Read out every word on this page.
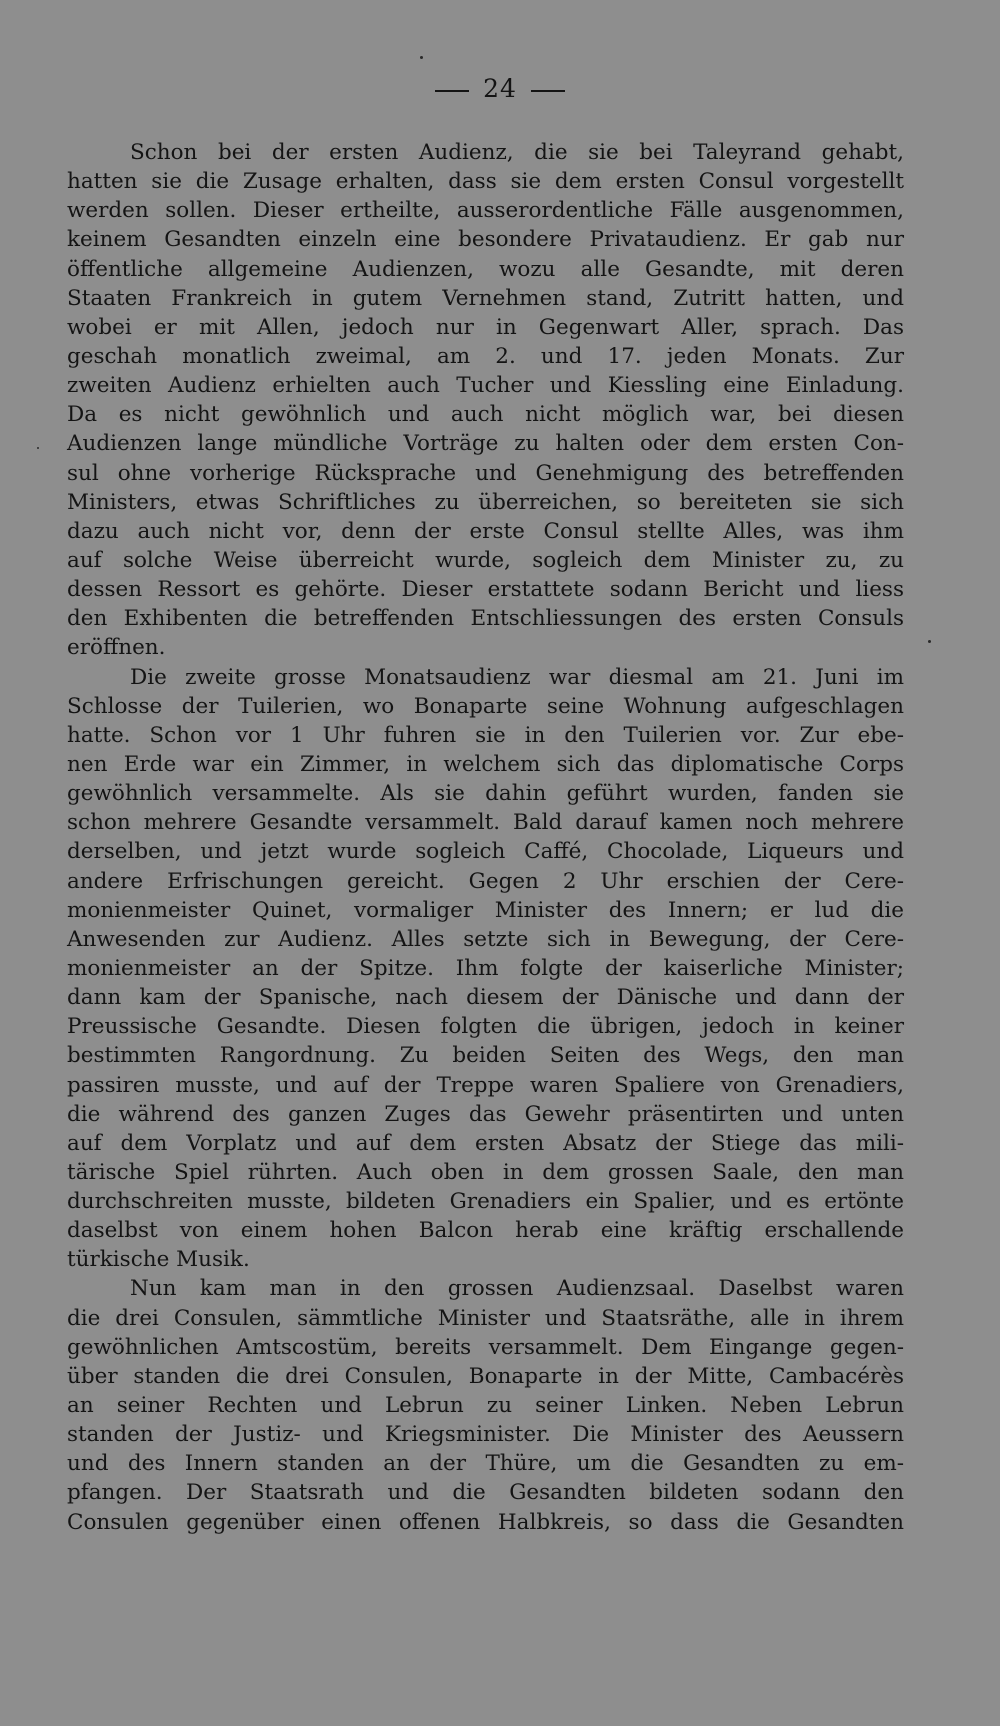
24
Schon bei der ersten Audienz, die sie bei Taleyrand gehabt,
hatten sie die Zusage erhalten, dass sie dem ersten Consul vorgestellt
werden sollen. Dieser ertheilte, ausserordentliche Fälle ausgenommen,
keinem Gesandten einzeln eine besondere Privataudienz. Er gab nur
öffentliche allgemeine Audienzen, wozu alle Gesandte, mit deren
Staaten Frankreich in gutem Vernehmen stand, Zutritt hatten, und
wobei er mit Allen, jedoch nur in Gegenwart Aller, sprach. Das
geschah monatlich zweimal, am 2. und 17. jeden Monats. Zur
zweiten Audienz erhielten auch Tucher und Kiessling eine Einladung.
Da es nicht gewöhnlich und auch nicht möglich war, bei diesen
Audienzen lange mündliche Vorträge zu halten oder dem ersten Con-
sul ohne vorherige Rücksprache und Genehmigung des betreffenden
Ministers, etwas Schriftliches zu überreichen, so bereiteten sie sich
dazu auch nicht vor, denn der erste Consul stellte Alles, was ihm
auf solche Weise überreicht wurde, sogleich dem Minister zu, zu
dessen Ressort es gehörte. Dieser erstattete sodann Bericht und liess
den Exhibenten die betreffenden Entschliessungen des ersten Consuls
eröffnen.
Die zweite grosse Monatsaudienz war diesmal am 21. Juni im
Schlosse der Tuilerien, wo Bonaparte seine Wohnung aufgeschlagen
hatte. Schon vor 1 Uhr fuhren sie in den Tuilerien vor. Zur ebe-
nen Erde war ein Zimmer, in welchem sich das diplomatische Corps
gewöhnlich versammelte. Als sie dahin geführt wurden, fanden sie
schon mehrere Gesandte versammelt. Bald darauf kamen noch mehrere
derselben, und jetzt wurde sogleich Caffé, Chocolade, Liqueurs und
andere Erfrischungen gereicht. Gegen 2 Uhr erschien der Cere-
monienmeister Quinet, vormaliger Minister des Innern; er lud die
Anwesenden zur Audienz. Alles setzte sich in Bewegung, der Cere-
monienmeister an der Spitze. Ihm folgte der kaiserliche Minister;
dann kam der Spanische, nach diesem der Dänische und dann der
Preussische Gesandte. Diesen folgten die übrigen, jedoch in keiner
bestimmten Rangordnung. Zu beiden Seiten des Wegs, den man
passiren musste, und auf der Treppe waren Spaliere von Grenadiers,
die während des ganzen Zuges das Gewehr präsentirten und unten
auf dem Vorplatz und auf dem ersten Absatz der Stiege das mili-
tärische Spiel rührten. Auch oben in dem grossen Saale, den man
durchschreiten musste, bildeten Grenadiers ein Spalier, und es ertönte
daselbst von einem hohen Balcon herab eine kräftig erschallende
türkische Musik.
Nun kam man in den grossen Audienzsaal. Daselbst waren
die drei Consulen, sämmtliche Minister und Staatsräthe, alle in ihrem
gewöhnlichen Amtscostüm, bereits versammelt. Dem Eingange gegen-
über standen die drei Consulen, Bonaparte in der Mitte, Cambacérès
an seiner Rechten und Lebrun zu seiner Linken. Neben Lebrun
standen der Justiz- und Kriegsminister. Die Minister des Aeussern
und des Innern standen an der Thüre, um die Gesandten zu em-
pfangen. Der Staatsrath und die Gesandten bildeten sodann den
Consulen gegenüber einen offenen Halbkreis, so dass die Gesandten
